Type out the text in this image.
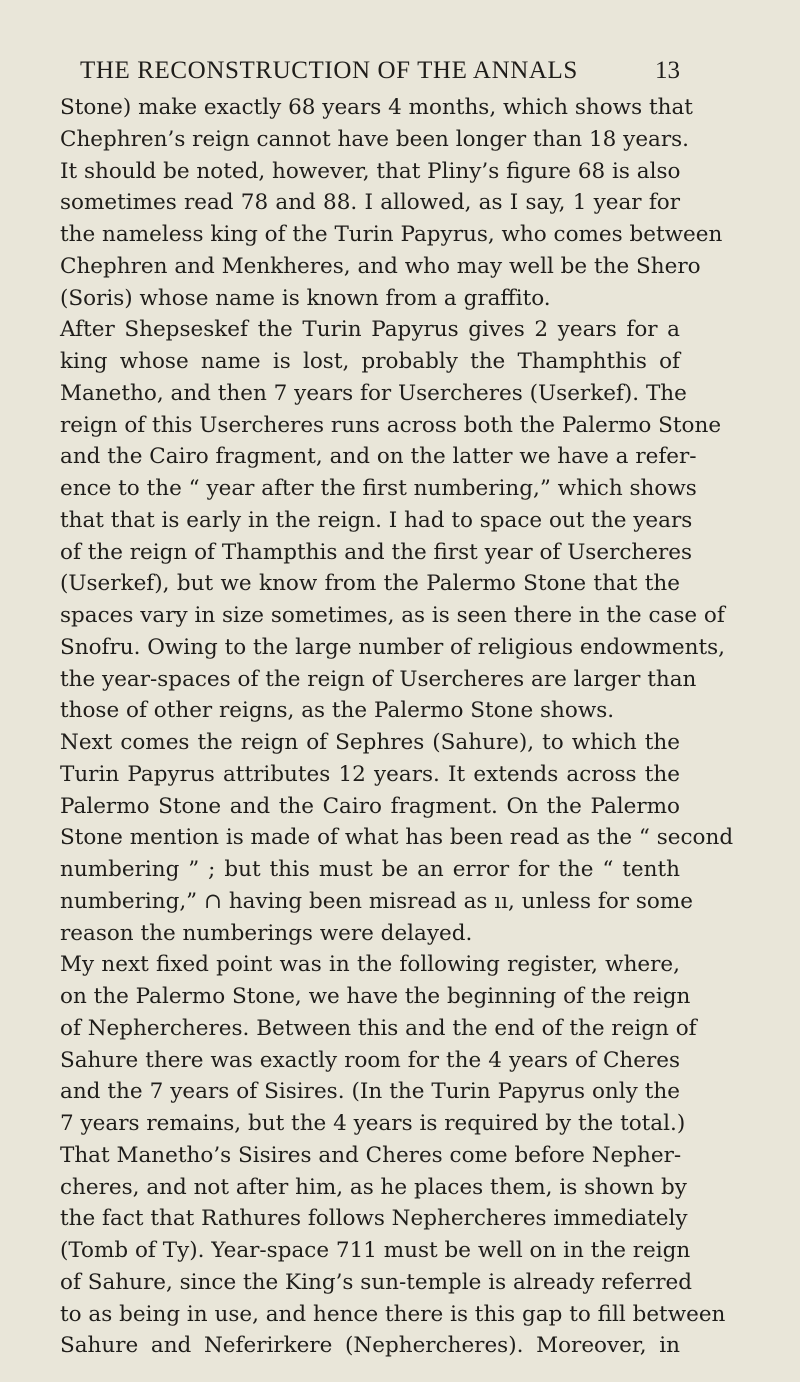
THE RECONSTRUCTION OF THE ANNALS	13
Stone) make exactly 68 years 4 months, which shows that
Chephren’s reign cannot have been longer than 18 years.
It should be noted, however, that Pliny’s figure 68 is also
sometimes read 78 and 88. I allowed, as I say, 1 year for
the nameless king of the Turin Papyrus, who comes between
Chephren and Menkheres, and who may well be the Shero
(Soris) whose name is known from a graffito.
After Shepseskef the Turin Papyrus gives 2 years for a
king whose name is lost, probably the Thamphthis of
Manetho, and then 7 years for Usercheres (Userkef). The
reign of this Usercheres runs across both the Palermo Stone
and the Cairo fragment, and on the latter we have a refer-
ence to the “ year after the first numbering,” which shows
that that is early in the reign. I had to space out the years
of the reign of Thampthis and the first year of Usercheres
(Userkef), but we know from the Palermo Stone that the
spaces vary in size sometimes, as is seen there in the case of
Snofru. Owing to the large number of religious endowments,
the year-spaces of the reign of Usercheres are larger than
those of other reigns, as the Palermo Stone shows.
Next comes the reign of Sephres (Sahure), to which the
Turin Papyrus attributes 12 years. It extends across the
Palermo Stone and the Cairo fragment. On the Palermo
Stone mention is made of what has been read as the “ second
numbering ” ; but this must be an error for the “ tenth
numbering,” ∩ having been misread as ıı, unless for some
reason the numberings were delayed.
My next fixed point was in the following register, where,
on the Palermo Stone, we have the beginning of the reign
of Nephercheres. Between this and the end of the reign of
Sahure there was exactly room for the 4 years of Cheres
and the 7 years of Sisires. (In the Turin Papyrus only the
7 years remains, but the 4 years is required by the total.)
That Manetho’s Sisires and Cheres come before Nepher-
cheres, and not after him, as he places them, is shown by
the fact that Rathures follows Nephercheres immediately
(Tomb of Ty). Year-space 711 must be well on in the reign
of Sahure, since the King’s sun-temple is already referred
to as being in use, and hence there is this gap to fill between
Sahure and Neferirkere (Nephercheres). Moreover, in
